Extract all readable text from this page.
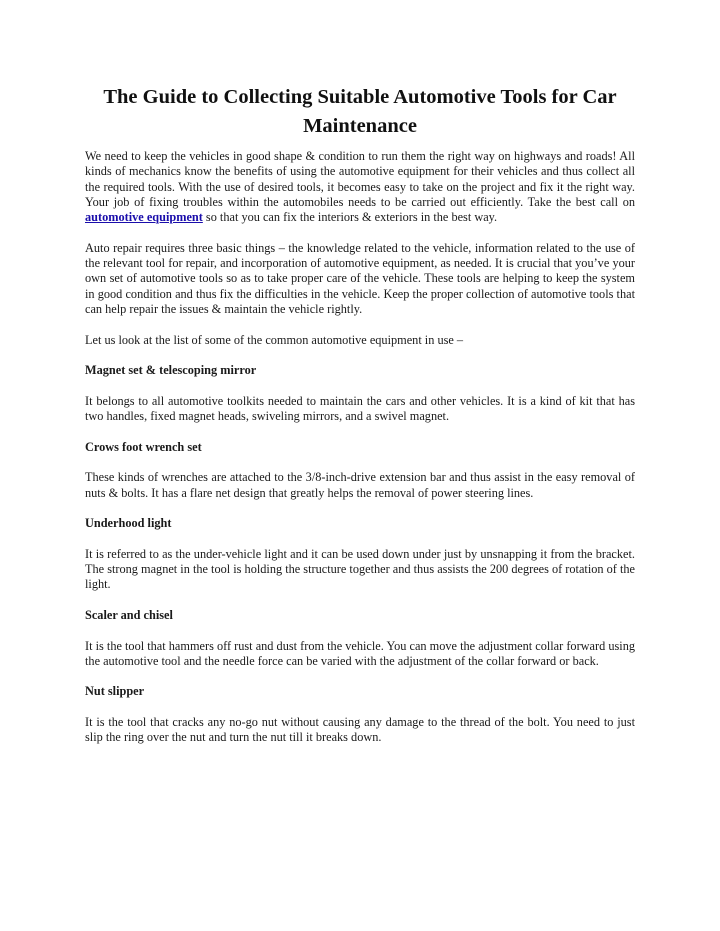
The Guide to Collecting Suitable Automotive Tools for Car Maintenance

We need to keep the vehicles in good shape & condition to run them the right way on highways and roads! All kinds of mechanics know the benefits of using the automotive equipment for their vehicles and thus collect all the required tools. With the use of desired tools, it becomes easy to take on the project and fix it the right way. Your job of fixing troubles within the automobiles needs to be carried out efficiently. Take the best call on automotive equipment so that you can fix the interiors & exteriors in the best way.

Auto repair requires three basic things – the knowledge related to the vehicle, information related to the use of the relevant tool for repair, and incorporation of automotive equipment, as needed. It is crucial that you’ve your own set of automotive tools so as to take proper care of the vehicle. These tools are helping to keep the system in good condition and thus fix the difficulties in the vehicle. Keep the proper collection of automotive tools that can help repair the issues & maintain the vehicle rightly.

Let us look at the list of some of the common automotive equipment in use –

Magnet set & telescoping mirror

It belongs to all automotive toolkits needed to maintain the cars and other vehicles. It is a kind of kit that has two handles, fixed magnet heads, swiveling mirrors, and a swivel magnet.

Crows foot wrench set

These kinds of wrenches are attached to the 3/8-inch-drive extension bar and thus assist in the easy removal of nuts & bolts. It has a flare net design that greatly helps the removal of power steering lines.

Underhood light

It is referred to as the under-vehicle light and it can be used down under just by unsnapping it from the bracket. The strong magnet in the tool is holding the structure together and thus assists the 200 degrees of rotation of the light.

Scaler and chisel

It is the tool that hammers off rust and dust from the vehicle. You can move the adjustment collar forward using the automotive tool and the needle force can be varied with the adjustment of the collar forward or back.

Nut slipper

It is the tool that cracks any no-go nut without causing any damage to the thread of the bolt. You need to just slip the ring over the nut and turn the nut till it breaks down.
